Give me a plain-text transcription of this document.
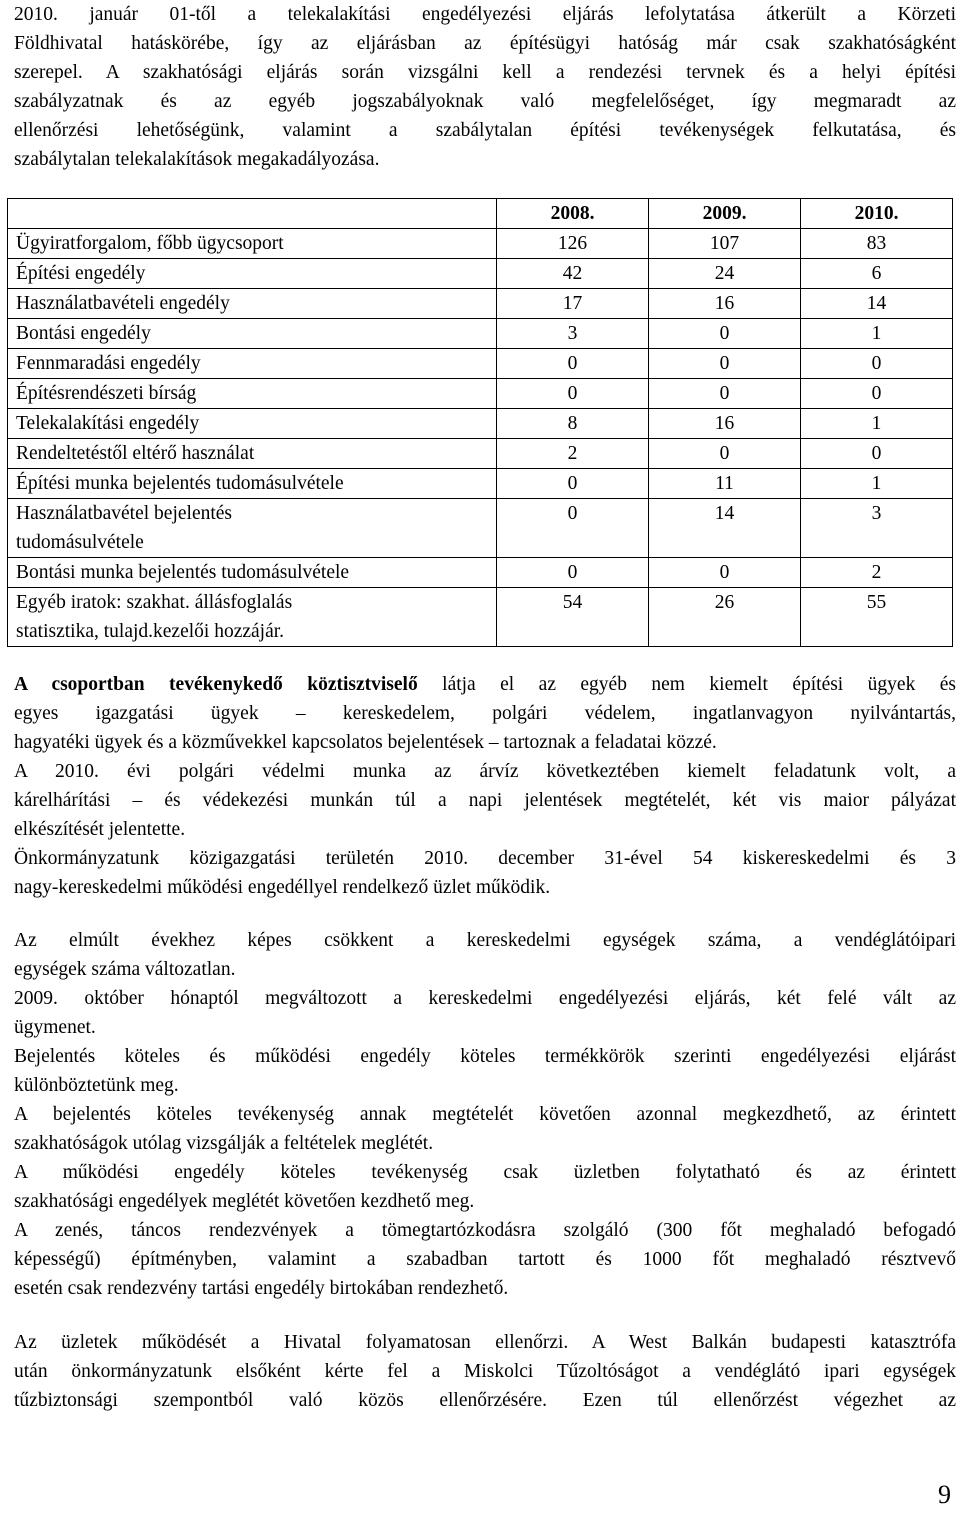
2010. január 01-től a telekalakítási engedélyezési eljárás lefolytatása átkerült a Körzeti
Földhivatal hatáskörébe, így az eljárásban az építésügyi hatóság már csak szakhatóságként
szerepel. A szakhatósági eljárás során vizsgálni kell a rendezési tervnek és a helyi építési
szabályzatnak és az egyéb jogszabályoknak való megfelelőséget, így megmaradt az
ellenőrzési lehetőségünk, valamint a szabálytalan építési tevékenységek felkutatása, és
szabálytalan telekalakítások megakadályozása.
	2008.	2009.	2010.
Ügyiratforgalom, főbb ügycsoport	126	107	83
Építési engedély	42	24	6
Használatbavételi engedély	17	16	14
Bontási engedély	3	0	1
Fennmaradási engedély	0	0	0
Építésrendészeti bírság	0	0	0
Telekalakítási engedély	8	16	1
Rendeltetéstől eltérő használat	2	0	0
Építési munka bejelentés tudomásulvétele	0	11	1

Használatbavétel bejelentés
tudomásulvétele	0	14	3
Bontási munka bejelentés tudomásulvétele	0	0	2

Egyéb iratok: szakhat. állásfoglalás
statisztika, tulajd.kezelői hozzájár.	54	26	55
A csoportban tevékenykedő köztisztviselő látja el az egyéb nem kiemelt építési ügyek és
egyes igazgatási ügyek – kereskedelem, polgári védelem, ingatlanvagyon nyilvántartás,
hagyatéki ügyek és a közművekkel kapcsolatos bejelentések – tartoznak a feladatai közzé.
A 2010. évi polgári védelmi munka az árvíz következtében kiemelt feladatunk volt, a
kárelhárítási – és védekezési munkán túl a napi jelentések megtételét, két vis maior pályázat
elkészítését jelentette.
Önkormányzatunk közigazgatási területén 2010. december 31-ével 54 kiskereskedelmi és 3
nagy-kereskedelmi működési engedéllyel rendelkező üzlet működik.
Az elmúlt évekhez képes csökkent a kereskedelmi egységek száma, a vendéglátóipari
egységek száma változatlan.
2009. október hónaptól megváltozott a kereskedelmi engedélyezési eljárás, két felé vált az
ügymenet.
Bejelentés köteles és működési engedély köteles termékkörök szerinti engedélyezési eljárást
különböztetünk meg.
A bejelentés köteles tevékenység annak megtételét követően azonnal megkezdhető, az érintett
szakhatóságok utólag vizsgálják a feltételek meglétét.
A működési engedély köteles tevékenység csak üzletben folytatható és az érintett
szakhatósági engedélyek meglétét követően kezdhető meg.
A zenés, táncos rendezvények a tömegtartózkodásra szolgáló (300 főt meghaladó befogadó
képességű) építményben, valamint a szabadban tartott és 1000 főt meghaladó résztvevő
esetén csak rendezvény tartási engedély birtokában rendezhető.
Az üzletek működését a Hivatal folyamatosan ellenőrzi. A West Balkán budapesti katasztrófa
után önkormányzatunk elsőként kérte fel a Miskolci Tűzoltóságot a vendéglátó ipari egységek
tűzbiztonsági szempontból való közös ellenőrzésére. Ezen túl ellenőrzést végezhet az
9
